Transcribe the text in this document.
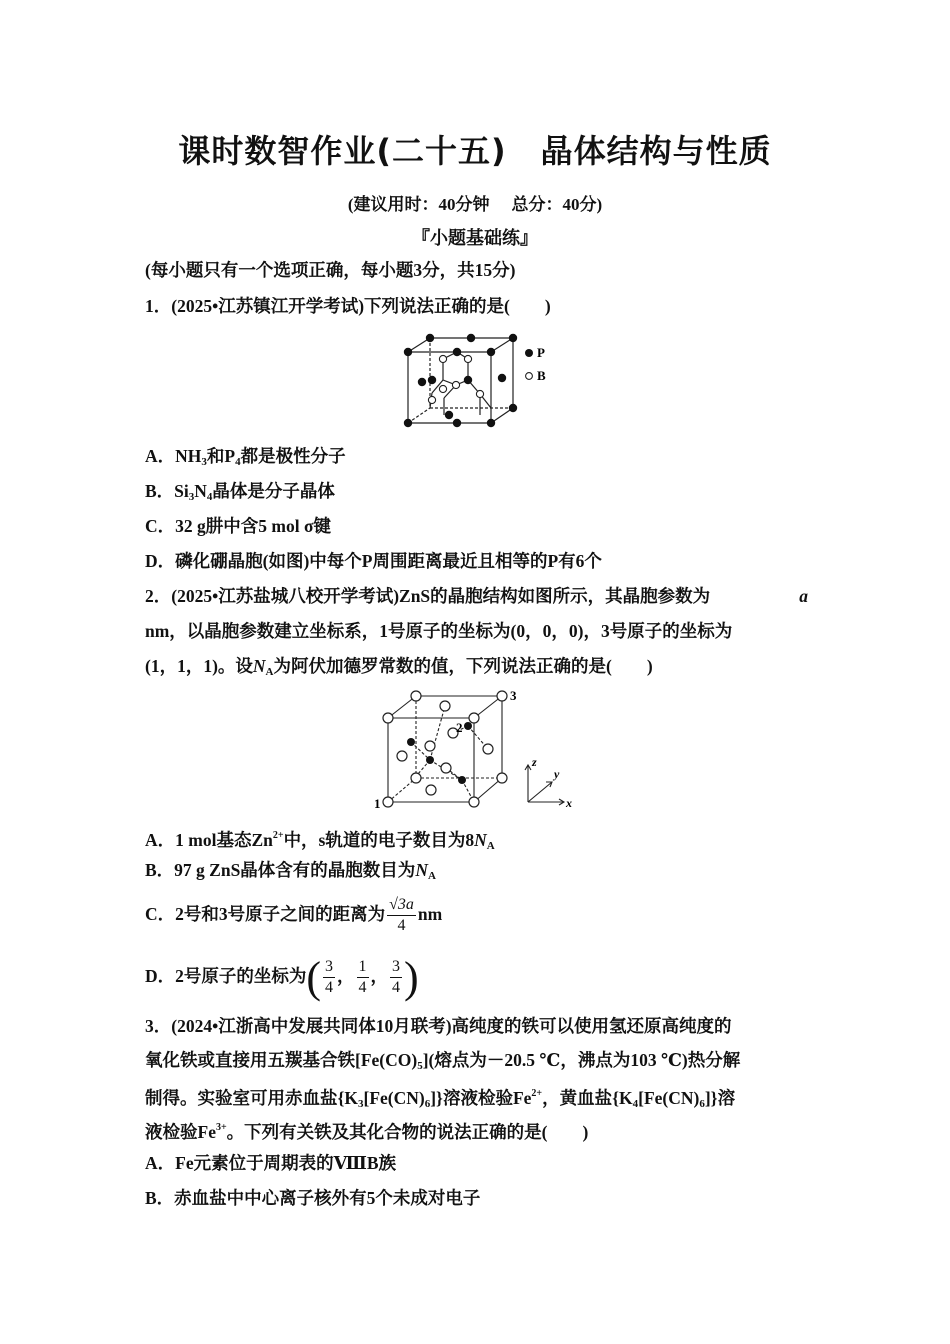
课时数智作业(二十五) 晶体结构与性质
(建议用时：40分钟 总分：40分)
『小题基础练』
(每小题只有一个选项正确，每小题3分，共15分)
1．(2025•江苏镇江开学考试)下列说法正确的是(　　)
P
B
A．$NH_3$和$P_4$都是极性分子
B．$Si_3N_4$晶体是分子晶体
C．32 g肼中含5 mol σ键
D．磷化硼晶胞(如图)中每个P周围距离最近且相等的P有6个
2．(2025•江苏盐城八校开学考试)ZnS的晶胞结构如图所示，其晶胞参数为	a
nm，以晶胞参数建立坐标系，1号原子的坐标为(0，0，0)，3号原子的坐标为
(1，1，1)。设$N_A$为阿伏加德罗常数的值，下列说法正确的是(　　)
3
2
1
z
y
x
A．1 mol基态$Zn^{2+}$中，s轨道的电子数目为$8N_A$
B．97 g ZnS晶体含有的晶胞数目为$N_A$
C．2号和3号原子之间的距离为 $\frac{√3a}{4}$ nm
D．2号原子的坐标为( $\frac{3}{4}$ ， $\frac{1}{4}$ ， $\frac{3}{4}$ )
3．(2024•江浙高中发展共同体10月联考)高纯度的铁可以使用氢还原高纯度的
氧化铁或直接用五羰基合铁$[Fe(CO)_5]$(熔点为－20.5 ℃，沸点为103 ℃)热分解
制得。实验室可用赤血盐$\{K_3[Fe(CN)_6]\}$溶液检验$Fe^{2+}$，黄血盐$\{K_4[Fe(CN)_6]\}$溶
液检验$Fe^{3+}$。下列有关铁及其化合物的说法正确的是(　　)
A．Fe元素位于周期表的ⅧB族
B．赤血盐中中心离子核外有5个未成对电子
